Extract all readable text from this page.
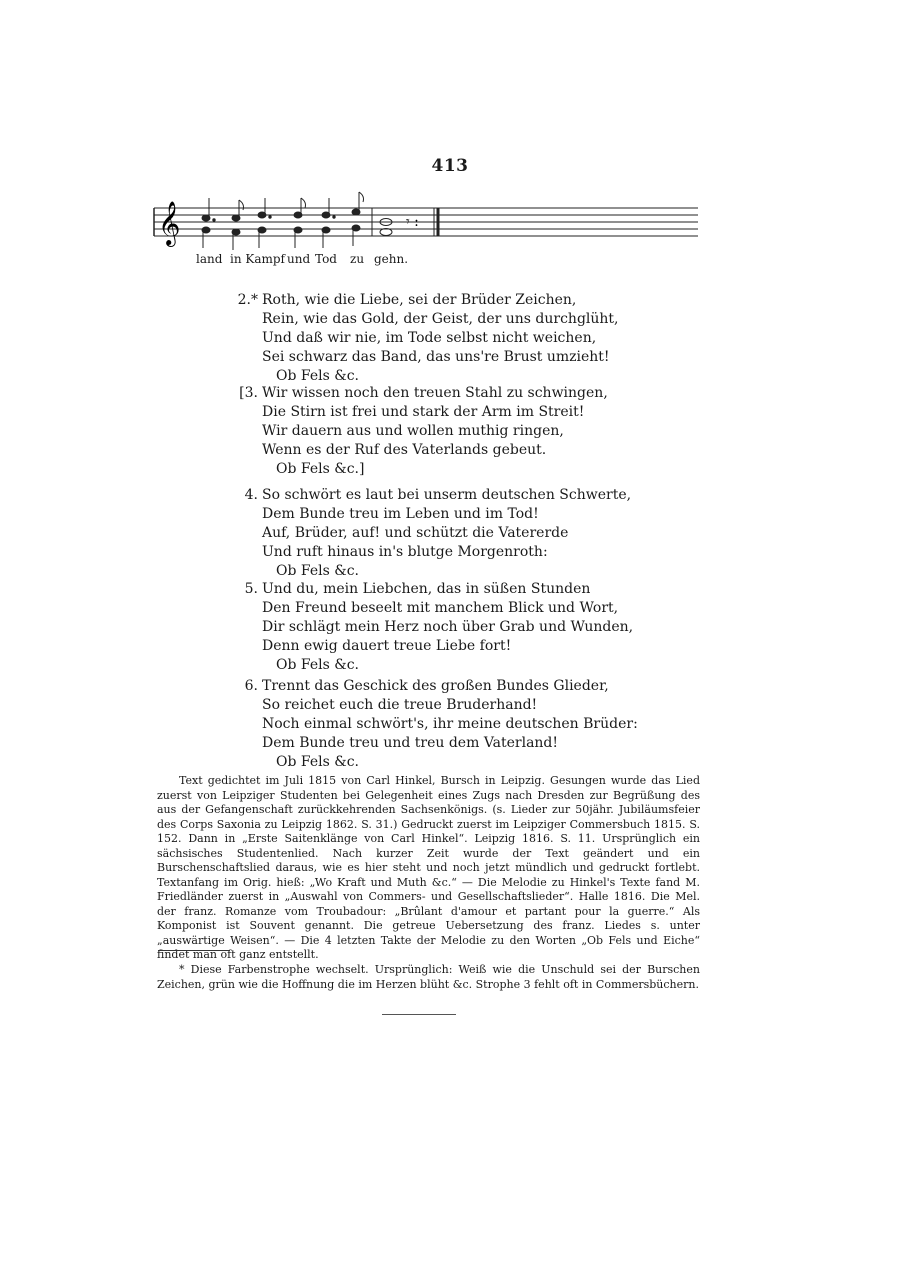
413
𝄞	𝄾 :
land in Kampf und Tod zu gehn.
2.* Roth, wie die Liebe, sei der Brüder Zeichen,
Rein, wie das Gold, der Geist, der uns durchglüht,
Und daß wir nie, im Tode selbst nicht weichen,
Sei schwarz das Band, das uns're Brust umzieht!
Ob Fels &c.
[3. Wir wissen noch den treuen Stahl zu schwingen,
Die Stirn ist frei und stark der Arm im Streit!
Wir dauern aus und wollen muthig ringen,
Wenn es der Ruf des Vaterlands gebeut.
Ob Fels &c.]
4. So schwört es laut bei unserm deutschen Schwerte,
Dem Bunde treu im Leben und im Tod!
Auf, Brüder, auf! und schützt die Vatererde
Und ruft hinaus in's blutge Morgenroth:
Ob Fels &c.
5. Und du, mein Liebchen, das in süßen Stunden
Den Freund beseelt mit manchem Blick und Wort,
Dir schlägt mein Herz noch über Grab und Wunden,
Denn ewig dauert treue Liebe fort!
Ob Fels &c.
6. Trennt das Geschick des großen Bundes Glieder,
So reichet euch die treue Bruderhand!
Noch einmal schwört's, ihr meine deutschen Brüder:
Dem Bunde treu und treu dem Vaterland!
Ob Fels &c.

Text gedichtet im Juli 1815 von Carl Hinkel, Bursch in Leipzig. Gesungen wurde das Lied zuerst von Leipziger Studenten bei Gelegenheit eines Zugs nach Dresden zur Begrüßung des aus der Gefangenschaft zurückkehrenden Sachsenkönigs. (s. Lieder zur 50jähr. Jubiläumsfeier des Corps Saxonia zu Leipzig 1862. S. 31.) Gedruckt zuerst im Leipziger Commersbuch 1815. S. 152. Dann in „Erste Saitenklänge von Carl Hinkel“. Leipzig 1816. S. 11. Ursprünglich ein sächsisches Studentenlied. Nach kurzer Zeit wurde der Text geändert und ein Burschenschaftslied daraus, wie es hier steht und noch jetzt mündlich und gedruckt fortlebt. Textanfang im Orig. hieß: „Wo Kraft und Muth &c.“ — Die Melodie zu Hinkel's Texte fand M. Friedländer zuerst in „Auswahl von Commers- und Gesellschaftslieder“. Halle 1816. Die Mel. der franz. Romanze vom Troubadour: „Brûlant d'amour et partant pour la guerre.“ Als Komponist ist Souvent genannt. Die getreue Uebersetzung des franz. Liedes s. unter „auswärtige Weisen“. — Die 4 letzten Takte der Melodie zu den Worten „Ob Fels und Eiche“ findet man oft ganz entstellt.

* Diese Farbenstrophe wechselt. Ursprünglich: Weiß wie die Unschuld sei der Burschen Zeichen, grün wie die Hoffnung die im Herzen blüht &c. Strophe 3 fehlt oft in Commersbüchern.
